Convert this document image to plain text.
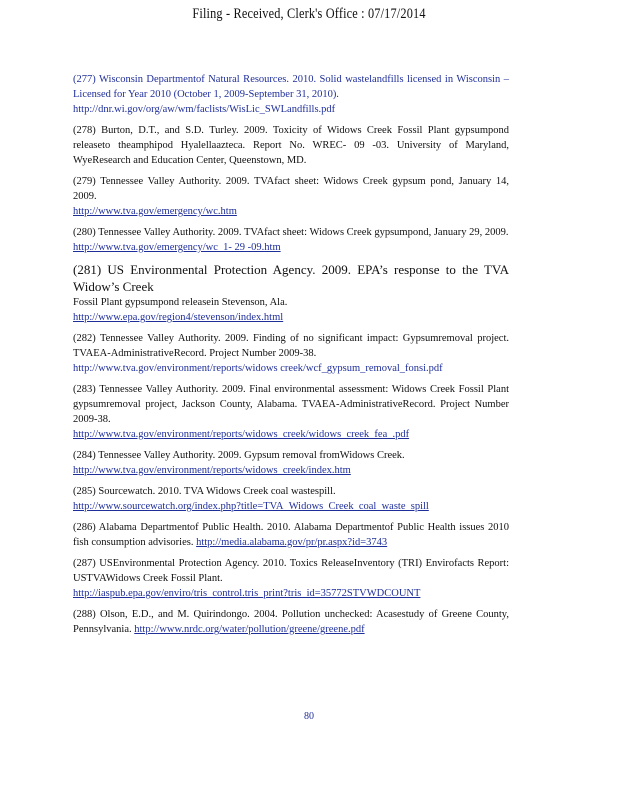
Filing - Received, Clerk's Office : 07/17/2014
(277) Wisconsin Departmentof Natural Resources. 2010. Solid wastelandfills licensed in Wisconsin – Licensed for Year 2010 (October 1, 2009-September 31, 2010).
http://dnr.wi.gov/org/aw/wm/faclists/WisLic_SWLandfills.pdf
(278) Burton, D.T., and S.D. Turley. 2009. Toxicity of Widows Creek Fossil Plant gypsumpond releaseto theamphipod Hyalellaazteca. Report No. WREC- 09 -03. University of Maryland, WyeResearch and Education Center, Queenstown, MD.
(279) Tennessee Valley Authority. 2009. TVAfact sheet: Widows Creek gypsum pond, January 14, 2009.
http://www.tva.gov/emergency/wc.htm
(280) Tennessee Valley Authority. 2009. TVAfact sheet: Widows Creek gypsumpond, January 29, 2009.
http://www.tva.gov/emergency/wc_1- 29 -09.htm
(281) US Environmental Protection Agency. 2009. EPA’s response to the TVA Widow’s Creek
Fossil Plant gypsumpond releasein Stevenson, Ala.
http://www.epa.gov/region4/stevenson/index.html
(282) Tennessee Valley Authority. 2009. Finding of no significant impact: Gypsumremoval project. TVAEA-AdministrativeRecord. Project Number 2009-38.
http://www.tva.gov/environment/reports/widows creek/wcf_gypsum_removal_fonsi.pdf
(283) Tennessee Valley Authority. 2009. Final environmental assessment: Widows Creek Fossil Plant gypsumremoval project, Jackson County, Alabama. TVAEA-AdministrativeRecord. Project Number 2009-38.
http://www.tva.gov/environment/reports/widows_creek/widows_creek_fea_.pdf
(284) Tennessee Valley Authority. 2009. Gypsum removal fromWidows Creek.
http://www.tva.gov/environment/reports/widows_creek/index.htm
(285) Sourcewatch. 2010. TVA Widows Creek coal wastespill.
http://www.sourcewatch.org/index.php?title=TVA_Widows_Creek_coal_waste_spill
(286) Alabama Departmentof Public Health. 2010. Alabama Departmentof Public Health issues 2010 fish consumption advisories. http://media.alabama.gov/pr/pr.aspx?id=3743
(287) USEnvironmental Protection Agency. 2010. Toxics ReleaseInventory (TRI) Envirofacts Report: USTVAWidows Creek Fossil Plant.
http://iaspub.epa.gov/enviro/tris_control.tris_print?tris_id=35772STVWDCOUNT
(288) Olson, E.D., and M. Quirindongo. 2004. Pollution unchecked: Acasestudy of Greene County, Pennsylvania. http://www.nrdc.org/water/pollution/greene/greene.pdf
80
